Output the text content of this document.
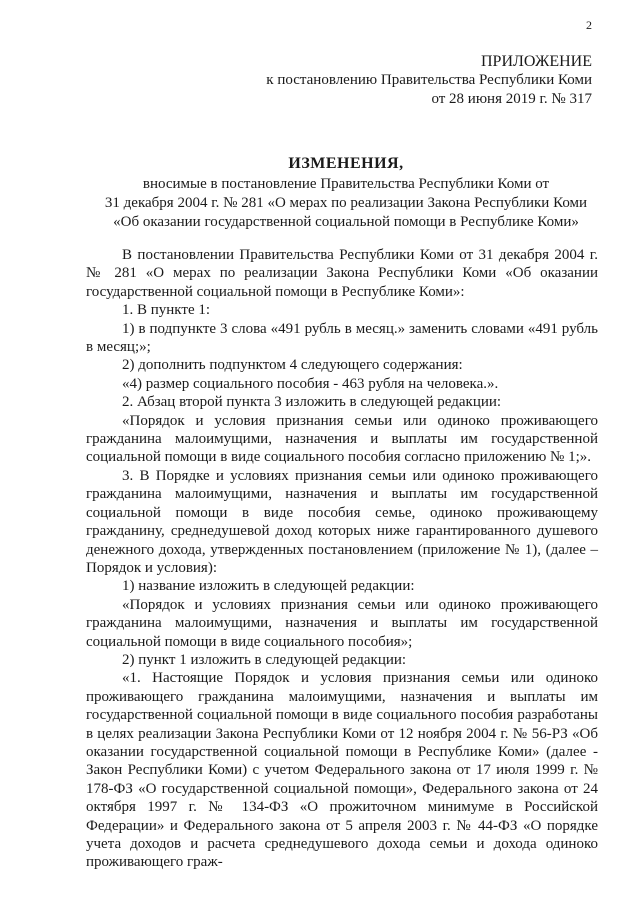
2
ПРИЛОЖЕНИЕ
к постановлению Правительства Республики Коми
от 28 июня 2019 г. № 317
ИЗМЕНЕНИЯ,
вносимые в постановление Правительства Республики Коми от
31 декабря 2004 г. № 281 «О мерах по реализации Закона Республики Коми
«Об оказании государственной социальной помощи в Республике Коми»

В постановлении Правительства Республики Коми от 31 декабря 2004 г. № 281 «О мерах по реализации Закона Республики Коми «Об оказании государственной социальной помощи в Республике Коми»:

1. В пункте 1:

1) в подпункте 3 слова «491 рубль в месяц.» заменить словами «491 рубль в месяц;»;

2) дополнить подпунктом 4 следующего содержания:

«4) размер социального пособия - 463 рубля на человека.».

2. Абзац второй пункта 3 изложить в следующей редакции:

«Порядок и условия признания семьи или одиноко проживающего гражданина малоимущими, назначения и выплаты им государственной социальной помощи в виде социального пособия согласно приложению № 1;».

3. В Порядке и условиях признания семьи или одиноко проживающего гражданина малоимущими, назначения и выплаты им государственной социальной помощи в виде пособия семье, одиноко проживающему гражданину, среднедушевой доход которых ниже гарантированного душевого денежного дохода, утвержденных постановлением (приложение № 1), (далее – Порядок и условия):

1) название изложить в следующей редакции:

«Порядок и условиях признания семьи или одиноко проживающего гражданина малоимущими, назначения и выплаты им государственной социальной помощи в виде социального пособия»;

2) пункт 1 изложить в следующей редакции:

«1. Настоящие Порядок и условия признания семьи или одиноко проживающего гражданина малоимущими, назначения и выплаты им государственной социальной помощи в виде социального пособия разработаны в целях реализации Закона Республики Коми от 12 ноября 2004 г. № 56-РЗ «Об оказании государственной социальной помощи в Республике Коми» (далее - Закон Республики Коми) с учетом Федерального закона от 17 июля 1999 г. № 178-ФЗ «О государственной социальной помощи», Федерального закона от 24 октября 1997 г. № 134-ФЗ «О прожиточном минимуме в Российской Федерации» и Федерального закона от 5 апреля 2003 г. № 44-ФЗ «О порядке учета доходов и расчета среднедушевого дохода семьи и дохода одиноко проживающего граж-
